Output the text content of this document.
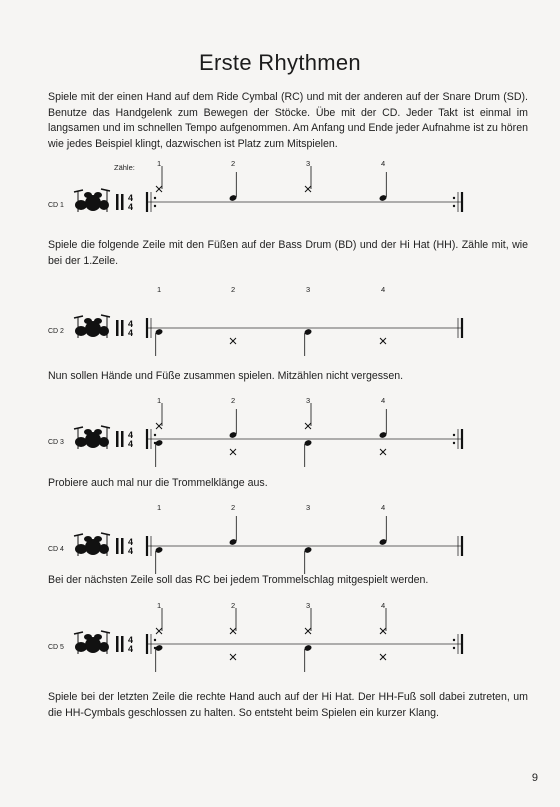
Erste Rhythmen
Spiele mit der einen Hand auf dem Ride Cymbal (RC) und mit der anderen auf der Snare Drum (SD). Benutze das Handgelenk zum Bewegen der Stöcke. Übe mit der CD. Jeder Takt ist einmal im langsamen und im schnellen Tempo aufgenommen. Am Anfang und Ende jeder Aufnahme ist zu hören wie jedes Beispiel klingt, dazwischen ist Platz zum Mitspielen.
Zähle:	1	2	3	4
CD 1
4
4
Spiele die folgende Zeile mit den Füßen auf der Bass Drum (BD) und der Hi Hat (HH). Zähle mit, wie bei der 1.Zeile.
1	2	3	4
CD 2
4
4
Nun sollen Hände und Füße zusammen spielen. Mitzählen nicht vergessen.
1	2	3	4
CD 3
4
4
Probiere auch mal nur die Trommelklänge aus.
1	2	3	4
CD 4
4
4
Bei der nächsten Zeile soll das RC bei jedem Trommelschlag mitgespielt werden.
1	2	3	4
CD 5
4
4
Spiele bei der letzten Zeile die rechte Hand auch auf der Hi Hat. Der HH-Fuß soll dabei zutreten, um die HH-Cymbals geschlossen zu halten. So entsteht beim Spielen ein kurzer Klang.
9
